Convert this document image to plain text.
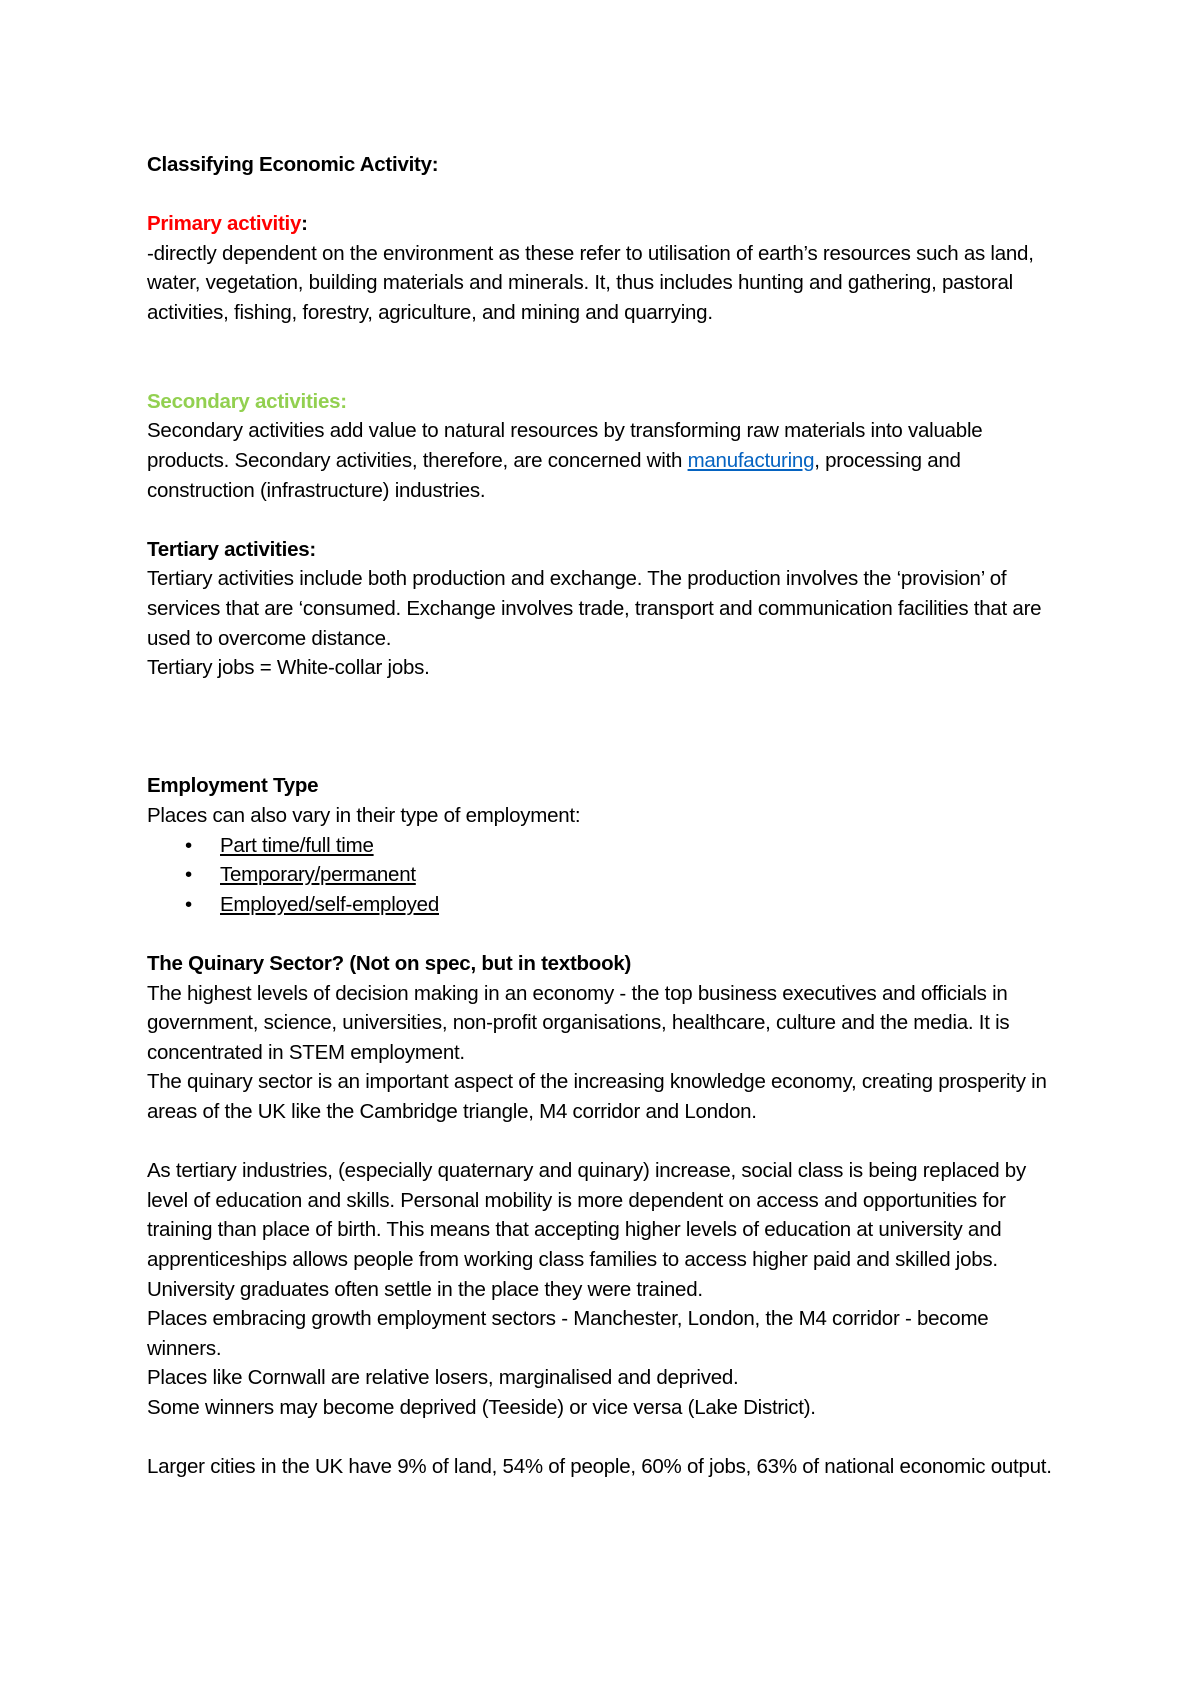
Classifying Economic Activity:

Primary activitiy:

-directly dependent on the environment as these refer to utilisation of earth’s resources such as land, water, vegetation, building materials and minerals. It, thus includes hunting and gathering, pastoral activities, fishing, forestry, agriculture, and mining and quarrying.

Secondary activities:

Secondary activities add value to natural resources by transforming raw materials into valuable products. Secondary activities, therefore, are concerned with manufacturing, processing and construction (infrastructure) industries.

Tertiary activities:

Tertiary activities include both production and exchange. The production involves the ‘provision’ of services that are ‘consumed. Exchange involves trade, transport and communication facilities that are used to overcome distance.

Tertiary jobs = White-collar jobs.

Employment Type

Places can also vary in their type of employment:

• Part time/full time
• Temporary/permanent
• Employed/self-employed

The Quinary Sector? (Not on spec, but in textbook)

The highest levels of decision making in an economy - the top business executives and officials in government, science, universities, non-profit organisations, healthcare, culture and the media. It is concentrated in STEM employment.

The quinary sector is an important aspect of the increasing knowledge economy, creating prosperity in areas of the UK like the Cambridge triangle, M4 corridor and London.

As tertiary industries, (especially quaternary and quinary) increase, social class is being replaced by level of education and skills. Personal mobility is more dependent on access and opportunities for training than place of birth. This means that accepting higher levels of education at university and apprenticeships allows people from working class families to access higher paid and skilled jobs. University graduates often settle in the place they were trained.

Places embracing growth employment sectors - Manchester, London, the M4 corridor - become winners.

Places like Cornwall are relative losers, marginalised and deprived.

Some winners may become deprived (Teeside) or vice versa (Lake District).

Larger cities in the UK have 9% of land, 54% of people, 60% of jobs, 63% of national economic output.
